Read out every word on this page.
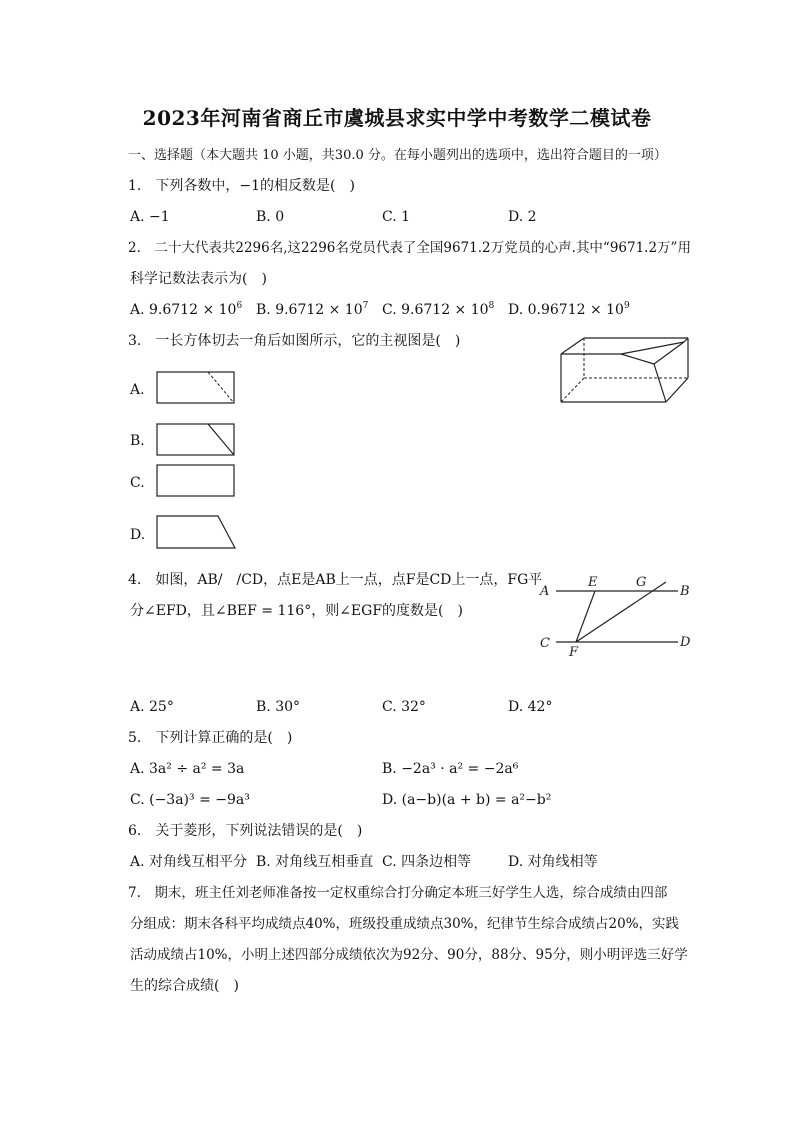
2023年河南省商丘市虞城县求实中学中考数学二模试卷
一、选择题（本大题共 10 小题，共30.0 分。在每小题列出的选项中，选出符合题目的一项）
1.　下列各数中，−1的相反数是(　)
A. −1	B. 0	C. 1	D. 2
2.　二十大代表共2296名,这2296名党员代表了全国9671.2万党员的心声.其中“9671.2万”用
科学记数法表示为(　)
A. $9.6712 \times 10^6$ B. $9.6712 \times 10^7$ C. $9.6712 \times 10^8$ D. $0.96712 \times 10^9$
3.　一长方体切去一角后如图所示，它的主视图是(　)
A.
B.
C.
D.
4.　如图，AB/　/CD，点E是AB上一点，点F是CD上一点，FG平
分∠EFD，且∠BEF = 116°，则∠EGF的度数是(　)
A	B
C	D
E	G
F
A. 25°	B. 30°	C. 32°	D. 42°
5.　下列计算正确的是(　)
A. 3a² ÷ a² = 3a	B. −2a³ · a² = −2a⁶
C. (−3a)³ = −9a³	D. (a−b)(a + b) = a²−b²
6.　关于菱形，下列说法错误的是(　)
A. 对角线互相平分 B. 对角线互相垂直 C. 四条边相等	D. 对角线相等
7.　期末，班主任刘老师准备按一定权重综合打分确定本班三好学生人选，综合成绩由四部
分组成：期末各科平均成绩点40%，班级投重成绩点30%，纪律节生综合成绩占20%，实践
活动成绩占10%，小明上述四部分成绩依次为92分、90分，88分、95分，则小明评选三好学
生的综合成绩(　)
